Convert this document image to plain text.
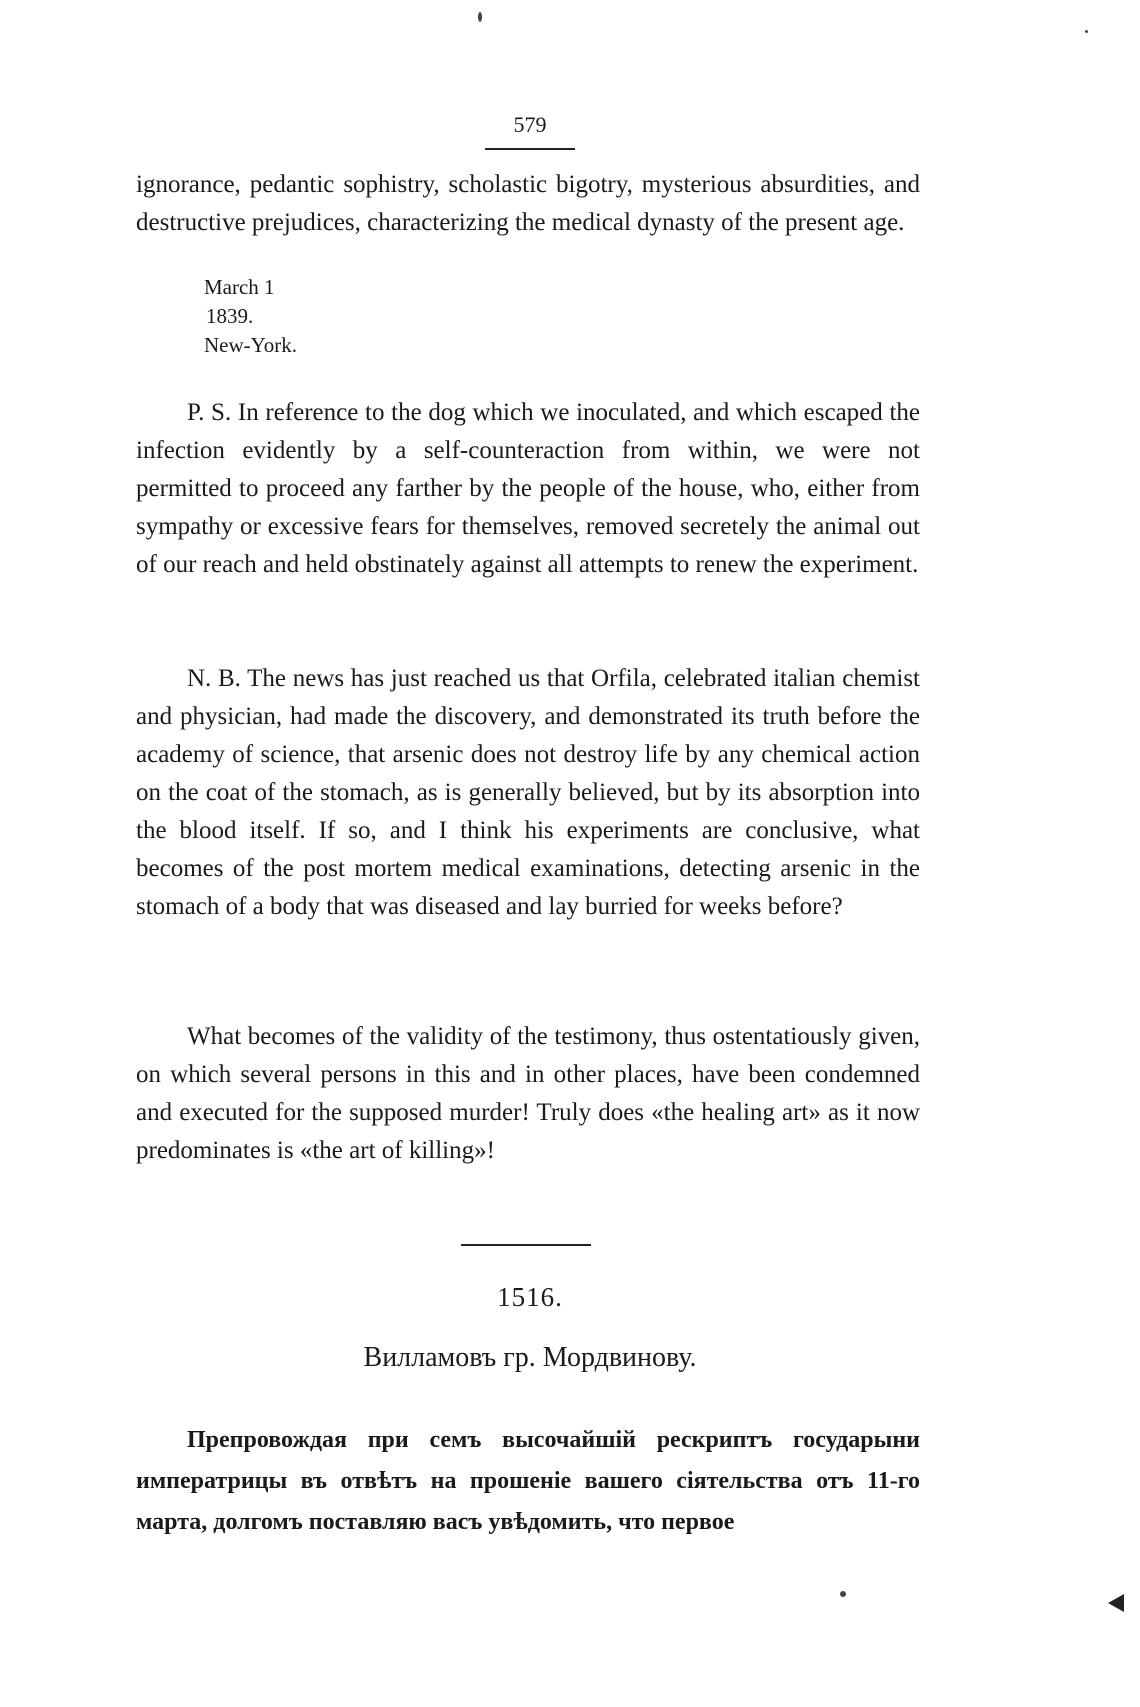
579

ignorance, pedantic sophistry, scholastic bigotry, mysterious absurdities, and destructive prejudices, characterizing the medical dynasty of the present age.

March 1
1839.
New-York.

P. S. In reference to the dog which we inoculated, and which escaped the infection evidently by a self-counteraction from within, we were not permitted to proceed any farther by the people of the house, who, either from sympathy or excessive fears for themselves, removed secretely the animal out of our reach and held obstinately against all attempts to renew the experiment.

N. B. The news has just reached us that Orfila, celebrated italian chemist and physician, had made the discovery, and demonstrated its truth before the academy of science, that arsenic does not destroy life by any chemical action on the coat of the stomach, as is generally believed, but by its absorption into the blood itself. If so, and I think his experiments are conclusive, what becomes of the post mortem medical examinations, detecting arsenic in the stomach of a body that was diseased and lay burried for weeks before?

What becomes of the validity of the testimony, thus ostentatiously given, on which several persons in this and in other places, have been condemned and executed for the supposed murder! Truly does «the healing art» as it now predominates is «the art of killing»!

1516.
Вилламовъ гр. Мордвинову.

Препровождая при семъ высочайшiй рескриптъ государыни императрицы въ отвѣтъ на прошенiе вашего сiятельства отъ 11-го марта, долгомъ поставляю васъ увѣдомить, что первое
